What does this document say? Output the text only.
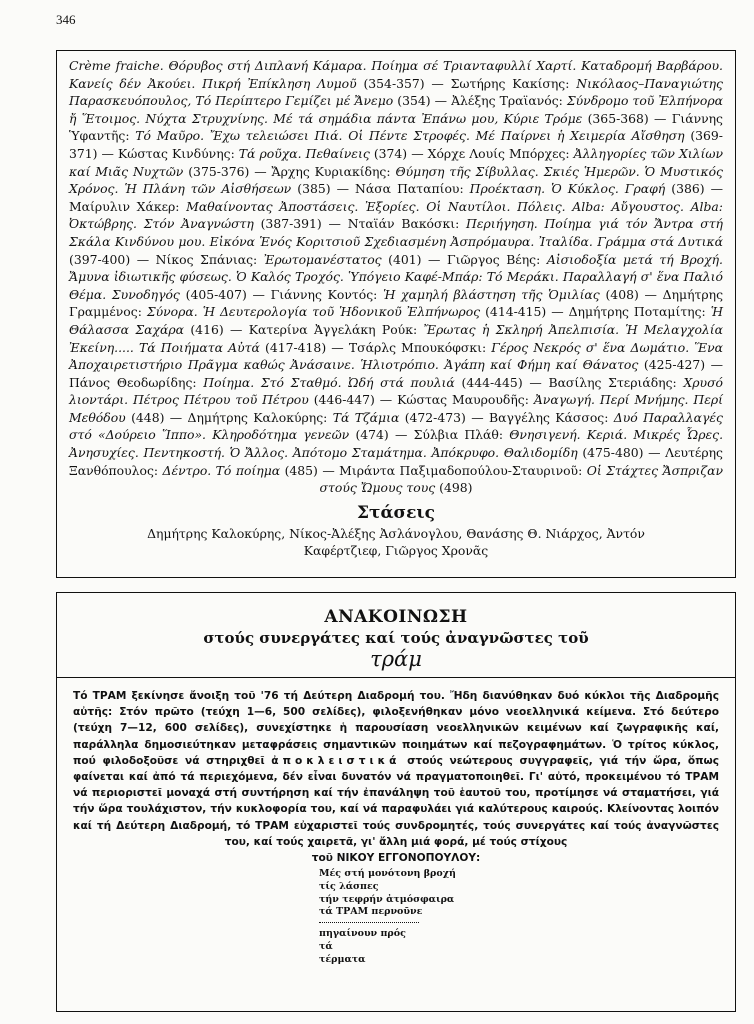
346

Crème fraiche. Θόρυβος στή Διπλανή Κάμαρα. Ποίημα σέ Τριανταφυλλί Χαρτί. Καταδρομή Βαρβάρου. Κανείς δέν Ἀκούει. Πικρή Ἐπίκληση Λυμοῦ (354-357) — Σωτήρης Κακίσης: Νικόλαος–Παναγιώτης Παρασκευόπουλος, Τό Περίπτερο Γεμίζει μέ Ἄνεμο (354) — Ἀλέξης Τραϊανός: Σύνδρομο τοῦ Ἐλπήνορα ἤ Ἕτοιμος. Νύχτα Στρυχνίνης. Μέ τά σημάδια πάντα Ἐπάνω μου, Κύριε Τρόμε (365-368) — Γιάννης Ὑφαντῆς: Τό Μαῦρο. Ἔχω τελειώσει Πιά. Οἱ Πέντε Στροφές. Μέ Παίρνει ἡ Χειμερία Αἴσθηση (369-371) — Κώστας Κινδύνης: Τά ροῦχα. Πεθαίνεις (374) — Χόρχε Λουίς Μπόρχες: Ἀλληγορίες τῶν Χιλίων καί Μιᾶς Νυχτῶν (375-376) — Ἄρχης Κυριακίδης: Θύμηση τῆς Σίβυλλας. Σκιές Ἡμερῶν. Ὁ Μυστικός Χρόνος. Ἡ Πλάνη τῶν Αἰσθήσεων (385) — Νάσα Παταπίου: Προέκταση. Ὁ Κύκλος. Γραφή (386) — Μαίρυλιν Χάκερ: Μαθαίνοντας Ἀποστάσεις. Ἐξορίες. Οἱ Ναυτίλοι. Πόλεις. Alba: Αὔγουστος. Alba: Ὀκτώβρης. Στόν Ἀναγνώστη (387-391) — Νταϊάν Βακόσκι: Περιήγηση. Ποίημα γιά τόν Ἄντρα στή Σκάλα Κινδύνου μου. Εἰκόνα Ἑνός Κοριτσιοῦ Σχεδιασμένη Ἀσπρόμαυρα. Ἰταλίδα. Γράμμα στά Δυτικά (397-400) — Νίκος Σπάνιας: Ἐρωτομανέστατος (401) — Γιῶργος Βέης: Αἰσιοδοξία μετά τή Βροχή. Ἄμυνα ἰδιωτικῆς φύσεως. Ὁ Καλός Τροχός. Ὑπόγειο Καφέ-Μπάρ: Τό Μεράκι. Παραλλαγή σ' ἕνα Παλιό Θέμα. Συνοδηγός (405-407) — Γιάννης Κοντός: Ἡ χαμηλή βλάστηση τῆς Ὁμιλίας (408) — Δημήτρης Γραμμένος: Σύνορα. Ἡ Δευτερολογία τοῦ Ἡδονικοῦ Ἐλπήνωρος (414-415) — Δημήτρης Ποταμίτης: Ἡ Θάλασσα Σαχάρα (416) — Κατερίνα Ἀγγελάκη Ρούκ: Ἔρωτας ἡ Σκληρή Ἀπελπισία. Ἡ Μελαγχολία Ἐκείνη..... Τά Ποιήματα Αὐτά (417-418) — Τσάρλς Μπουκόφσκι: Γέρος Νεκρός σ' ἕνα Δωμάτιο. Ἕνα Ἀποχαιρετιστήριο Πρᾶγμα καθώς Ἀνάσαινε. Ἡλιοτρόπιο. Ἀγάπη καί Φήμη καί Θάνατος (425-427) — Πάνος Θεοδωρίδης: Ποίημα. Στό Σταθμό. Ὠδή στά πουλιά (444-445) — Βασίλης Στεριάδης: Χρυσό λιοντάρι. Πέτρος Πέτρου τοῦ Πέτρου (446-447) — Κώστας Μαυρουδῆς: Ἀναγωγή. Περί Μνήμης. Περί Μεθόδου (448) — Δημήτρης Καλοκύρης: Τά Τζάμια (472-473) — Βαγγέλης Κάσσος: Δυό Παραλλαγές στό «Δούρειο Ἵππο». Κληροδότημα γενεῶν (474) — Σύλβια Πλάθ: Θνησιγενή. Κεριά. Μικρές Ὧρες. Ἀνησυχίες. Πεντηκοστή. Ὁ Ἄλλος. Ἀπότομο Σταμάτημα. Ἀπόκρυφο. Θαλιδομίδη (475-480) — Λευτέρης Ξανθόπουλος: Δέντρο. Τό ποίημα (485) — Μιράντα Παξιμαδοπούλου-Σταυρινοῦ: Οἱ Στάχτες Ἄσπριζαν στούς Ὤμους τους (498)

Στάσεις

Δημήτρης Καλοκύρης, Νίκος-Ἀλέξης Ἀσλάνογλου, Θανάσης Θ. Νιάρχος, Ἀντόν Καφέρτζιεφ, Γιῶργος Χρονᾶς

ΑΝΑΚΟΙΝΩΣΗ
στούς συνεργάτες καί τούς ἀναγνῶστες τοῦ
τράμ

Τό ΤΡΑΜ ξεκίνησε ἄνοιξη τοῦ '76 τή Δεύτερη Διαδρομή του. Ἤδη διανύθηκαν δυό κύκλοι τῆς Διαδρομῆς αὐτῆς: Στόν πρῶτο (τεύχη 1—6, 500 σελίδες), φιλοξενήθηκαν μόνο νεοελληνικά κείμενα. Στό δεύτερο (τεύχη 7—12, 600 σελίδες), συνεχίστηκε ἡ παρουσίαση νεοελληνικῶν κειμένων καί ζωγραφικῆς καί, παράλληλα δημοσιεύτηκαν μεταφράσεις σημαντικῶν ποιημάτων καί πεζογραφημάτων. Ὁ τρίτος κύκλος, πού φιλοδοξοῦσε νά στηριχθεῖ ἀποκλειστικά στούς νεώτερους συγγραφεῖς, γιά τήν ὥρα, ὅπως φαίνεται καί ἀπό τά περιεχόμενα, δέν εἶναι δυνατόν νά πραγματοποιηθεῖ. Γι' αὐτό, προκειμένου τό ΤΡΑΜ νά περιοριστεῖ μοναχά στή συντήρηση καί τήν ἐπανάληψη τοῦ ἑαυτοῦ του, προτίμησε νά σταματήσει, γιά τήν ὥρα τουλάχιστον, τήν κυκλοφορία του, καί νά παραφυλάει γιά καλύτερους καιρούς. Κλείνοντας λοιπόν καί τή Δεύτερη Διαδρομή, τό ΤΡΑΜ εὐχαριστεῖ τούς συνδρομητές, τούς συνεργάτες καί τούς ἀναγνῶστες του, καί τούς χαιρετᾶ, γι' ἄλλη μιά φορά, μέ τούς στίχους

τοῦ ΝΙΚΟΥ ΕΓΓΟΝΟΠΟΥΛΟΥ:
Μές στή μονότονη βροχή
τίς λάσπες
τήν τεφρήν ἀτμόσφαιρα
τά ΤΡΑΜ περνοῦνε
πηγαίνουν πρός
τά
τέρματα
